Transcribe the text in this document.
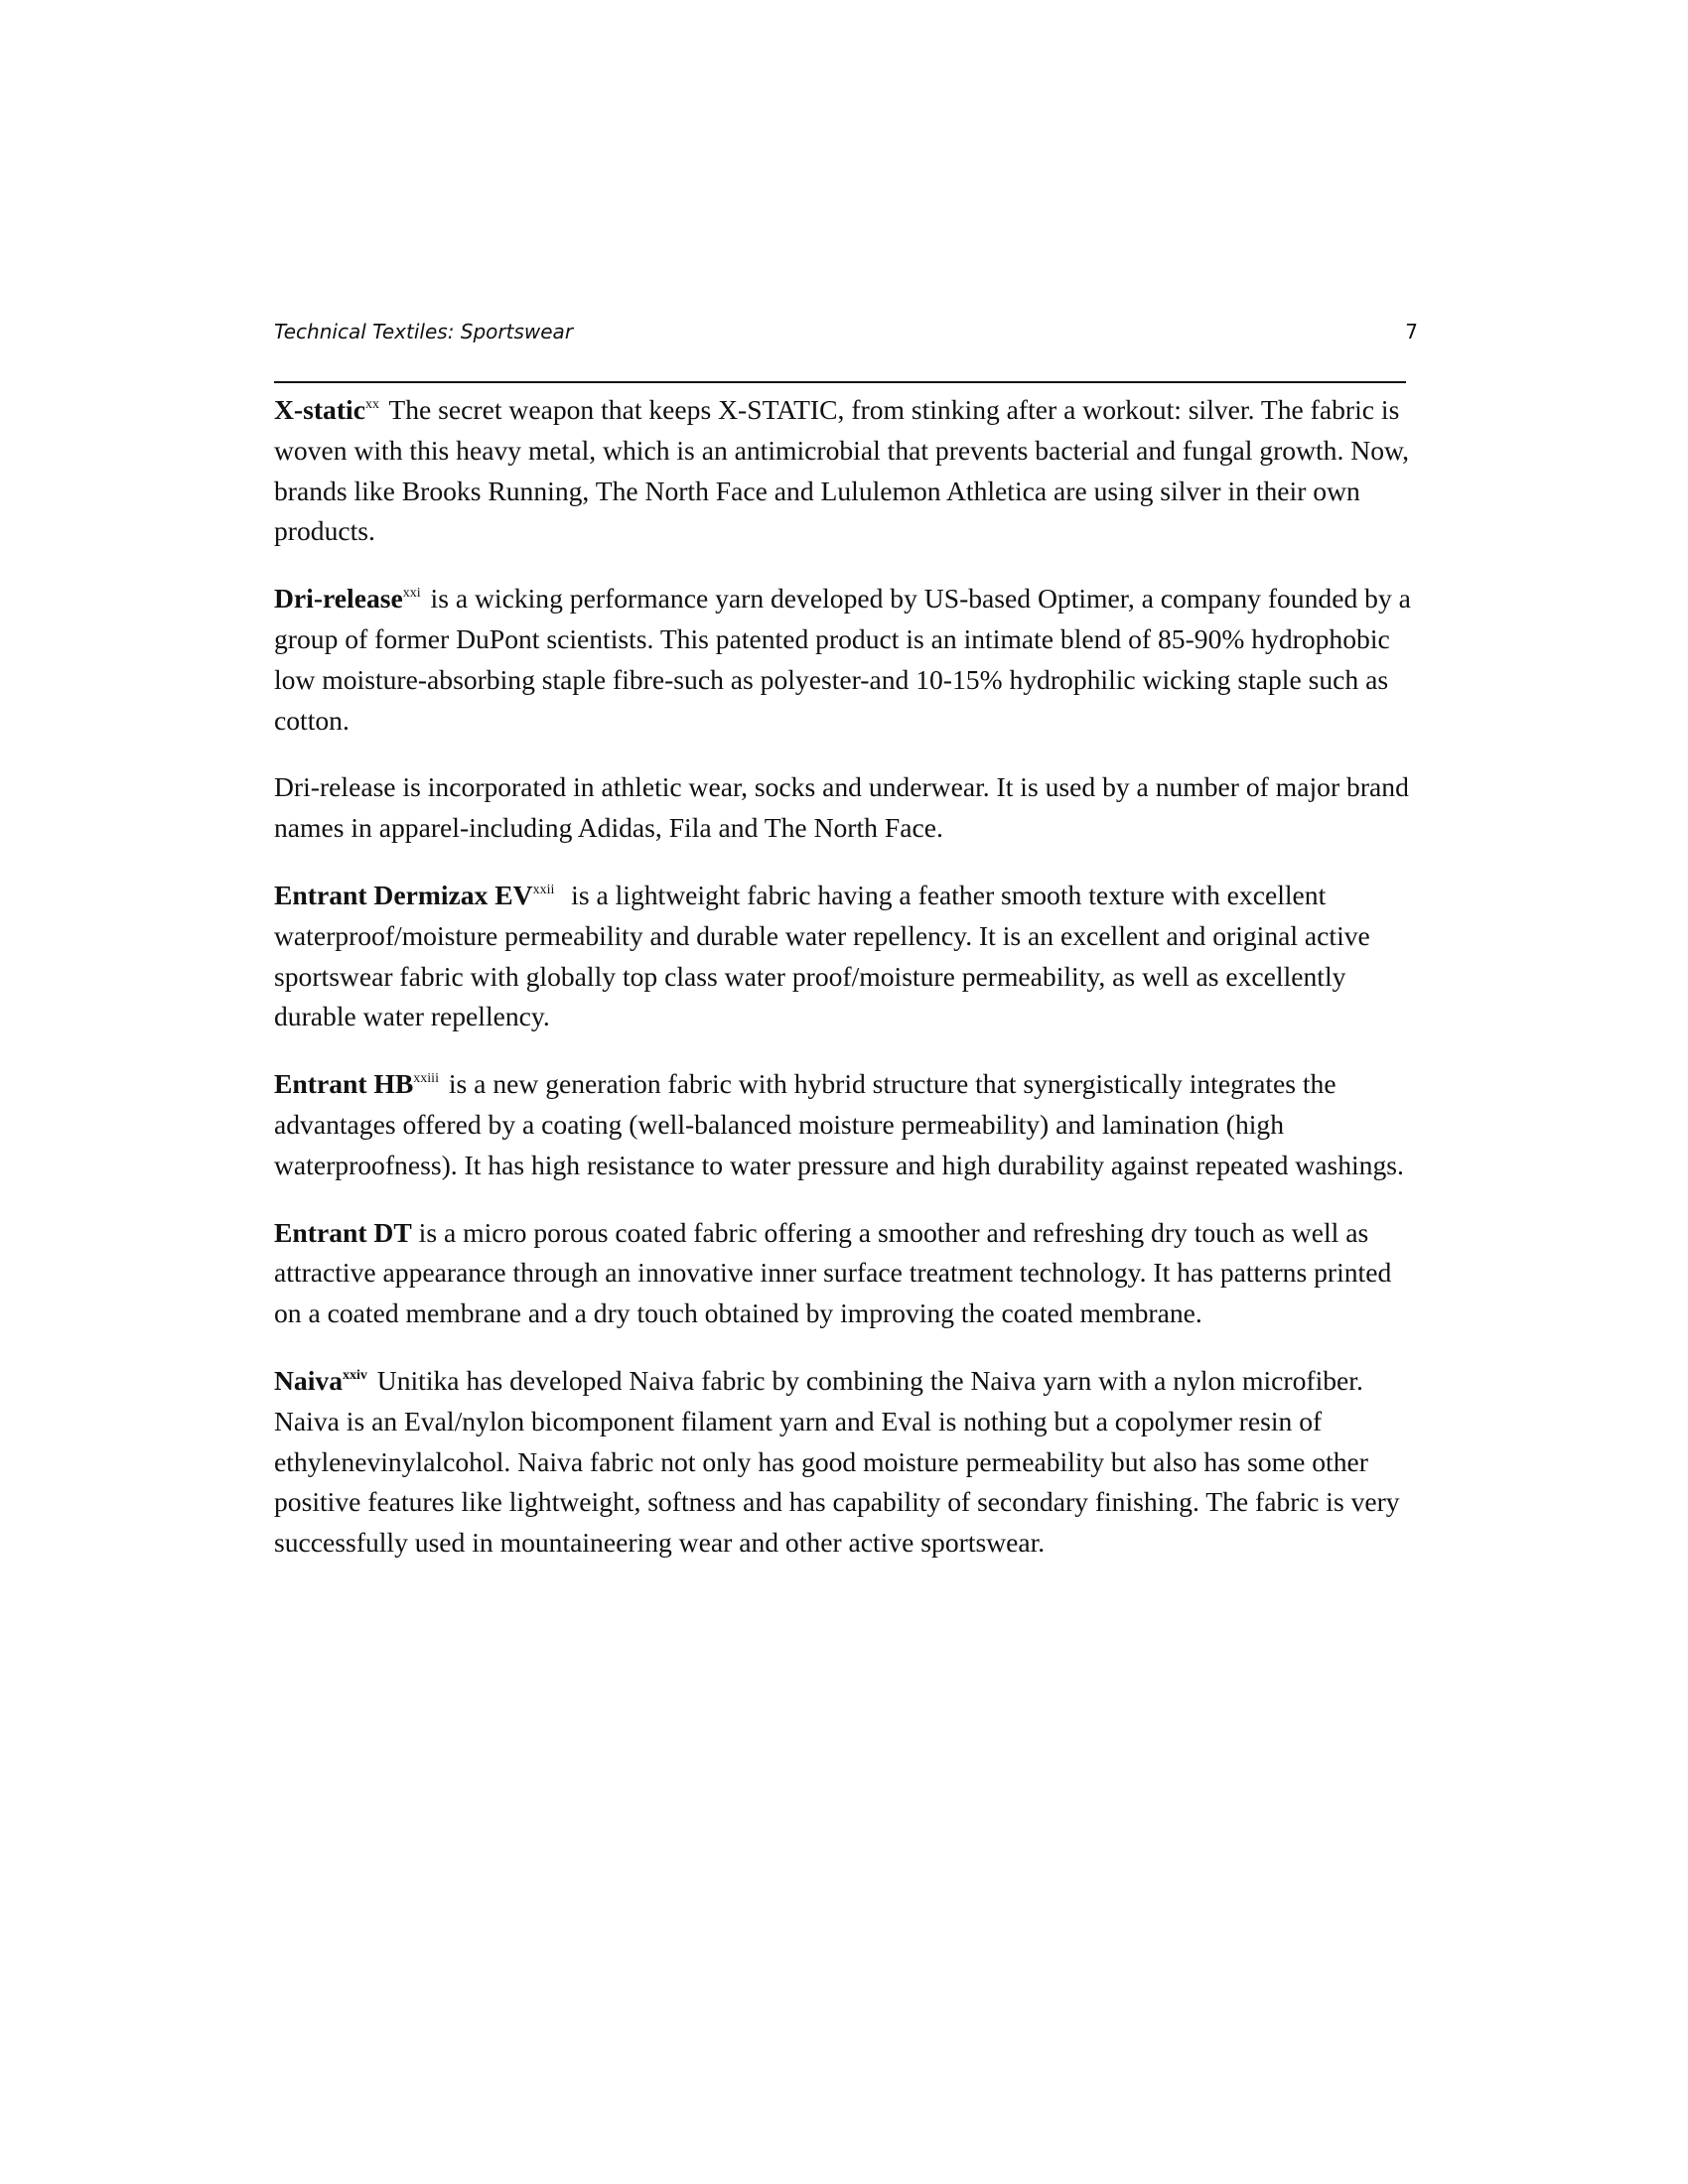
Technical Textiles: Sportswear	7

X-static$^{xx}$ The secret weapon that keeps X-STATIC, from stinking after a workout: silver. The fabric is woven with this heavy metal, which is an antimicrobial that prevents bacterial and fungal growth. Now, brands like Brooks Running, The North Face and Lululemon Athletica are using silver in their own products.

Dri-release$^{xxi}$ is a wicking performance yarn developed by US-based Optimer, a company founded by a group of former DuPont scientists. This patented product is an intimate blend of 85-90% hydrophobic low moisture-absorbing staple fibre-such as polyester-and 10-15% hydrophilic wicking staple such as cotton.

Dri-release is incorporated in athletic wear, socks and underwear. It is used by a number of major brand names in apparel-including Adidas, Fila and The North Face.

Entrant Dermizax EV$^{xxii}$ is a lightweight fabric having a feather smooth texture with excellent waterproof/moisture permeability and durable water repellency. It is an excellent and original active sportswear fabric with globally top class water proof/moisture permeability, as well as excellently durable water repellency.

Entrant HB$^{xxiii}$ is a new generation fabric with hybrid structure that synergistically integrates the advantages offered by a coating (well-balanced moisture permeability) and lamination (high waterproofness). It has high resistance to water pressure and high durability against repeated washings.

Entrant DT is a micro porous coated fabric offering a smoother and refreshing dry touch as well as attractive appearance through an innovative inner surface treatment technology. It has patterns printed on a coated membrane and a dry touch obtained by improving the coated membrane.

Naiva$^{xxiv}$ Unitika has developed Naiva fabric by combining the Naiva yarn with a nylon microfiber. Naiva is an Eval/nylon bicomponent filament yarn and Eval is nothing but a copolymer resin of ethylenevinylalcohol. Naiva fabric not only has good moisture permeability but also has some other positive features like lightweight, softness and has capability of secondary finishing. The fabric is very successfully used in mountaineering wear and other active sportswear.
